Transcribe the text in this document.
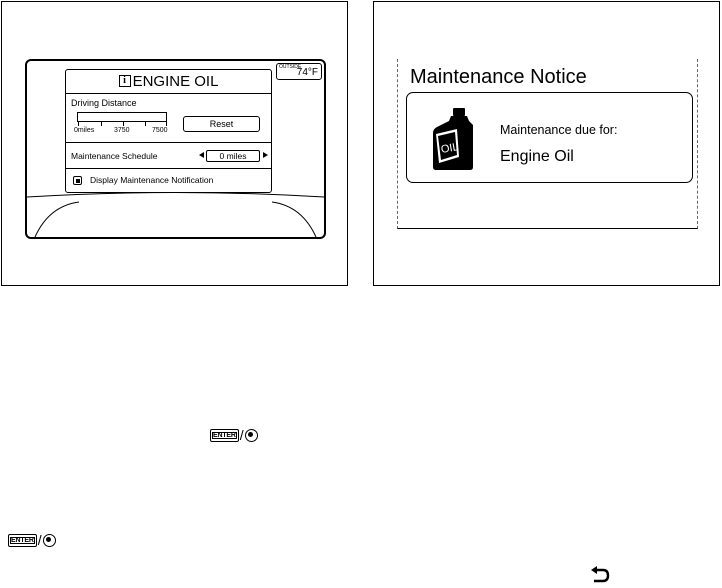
OUTSIDE
74°F
i ENGINE OIL
Driving Distance
0miles	3750	7500
Reset
Maintenance Schedule	0 miles
Display Maintenance Notification
Maintenance Notice
OIL
Maintenance due for:
Engine Oil
ENTER /
ENTER /
